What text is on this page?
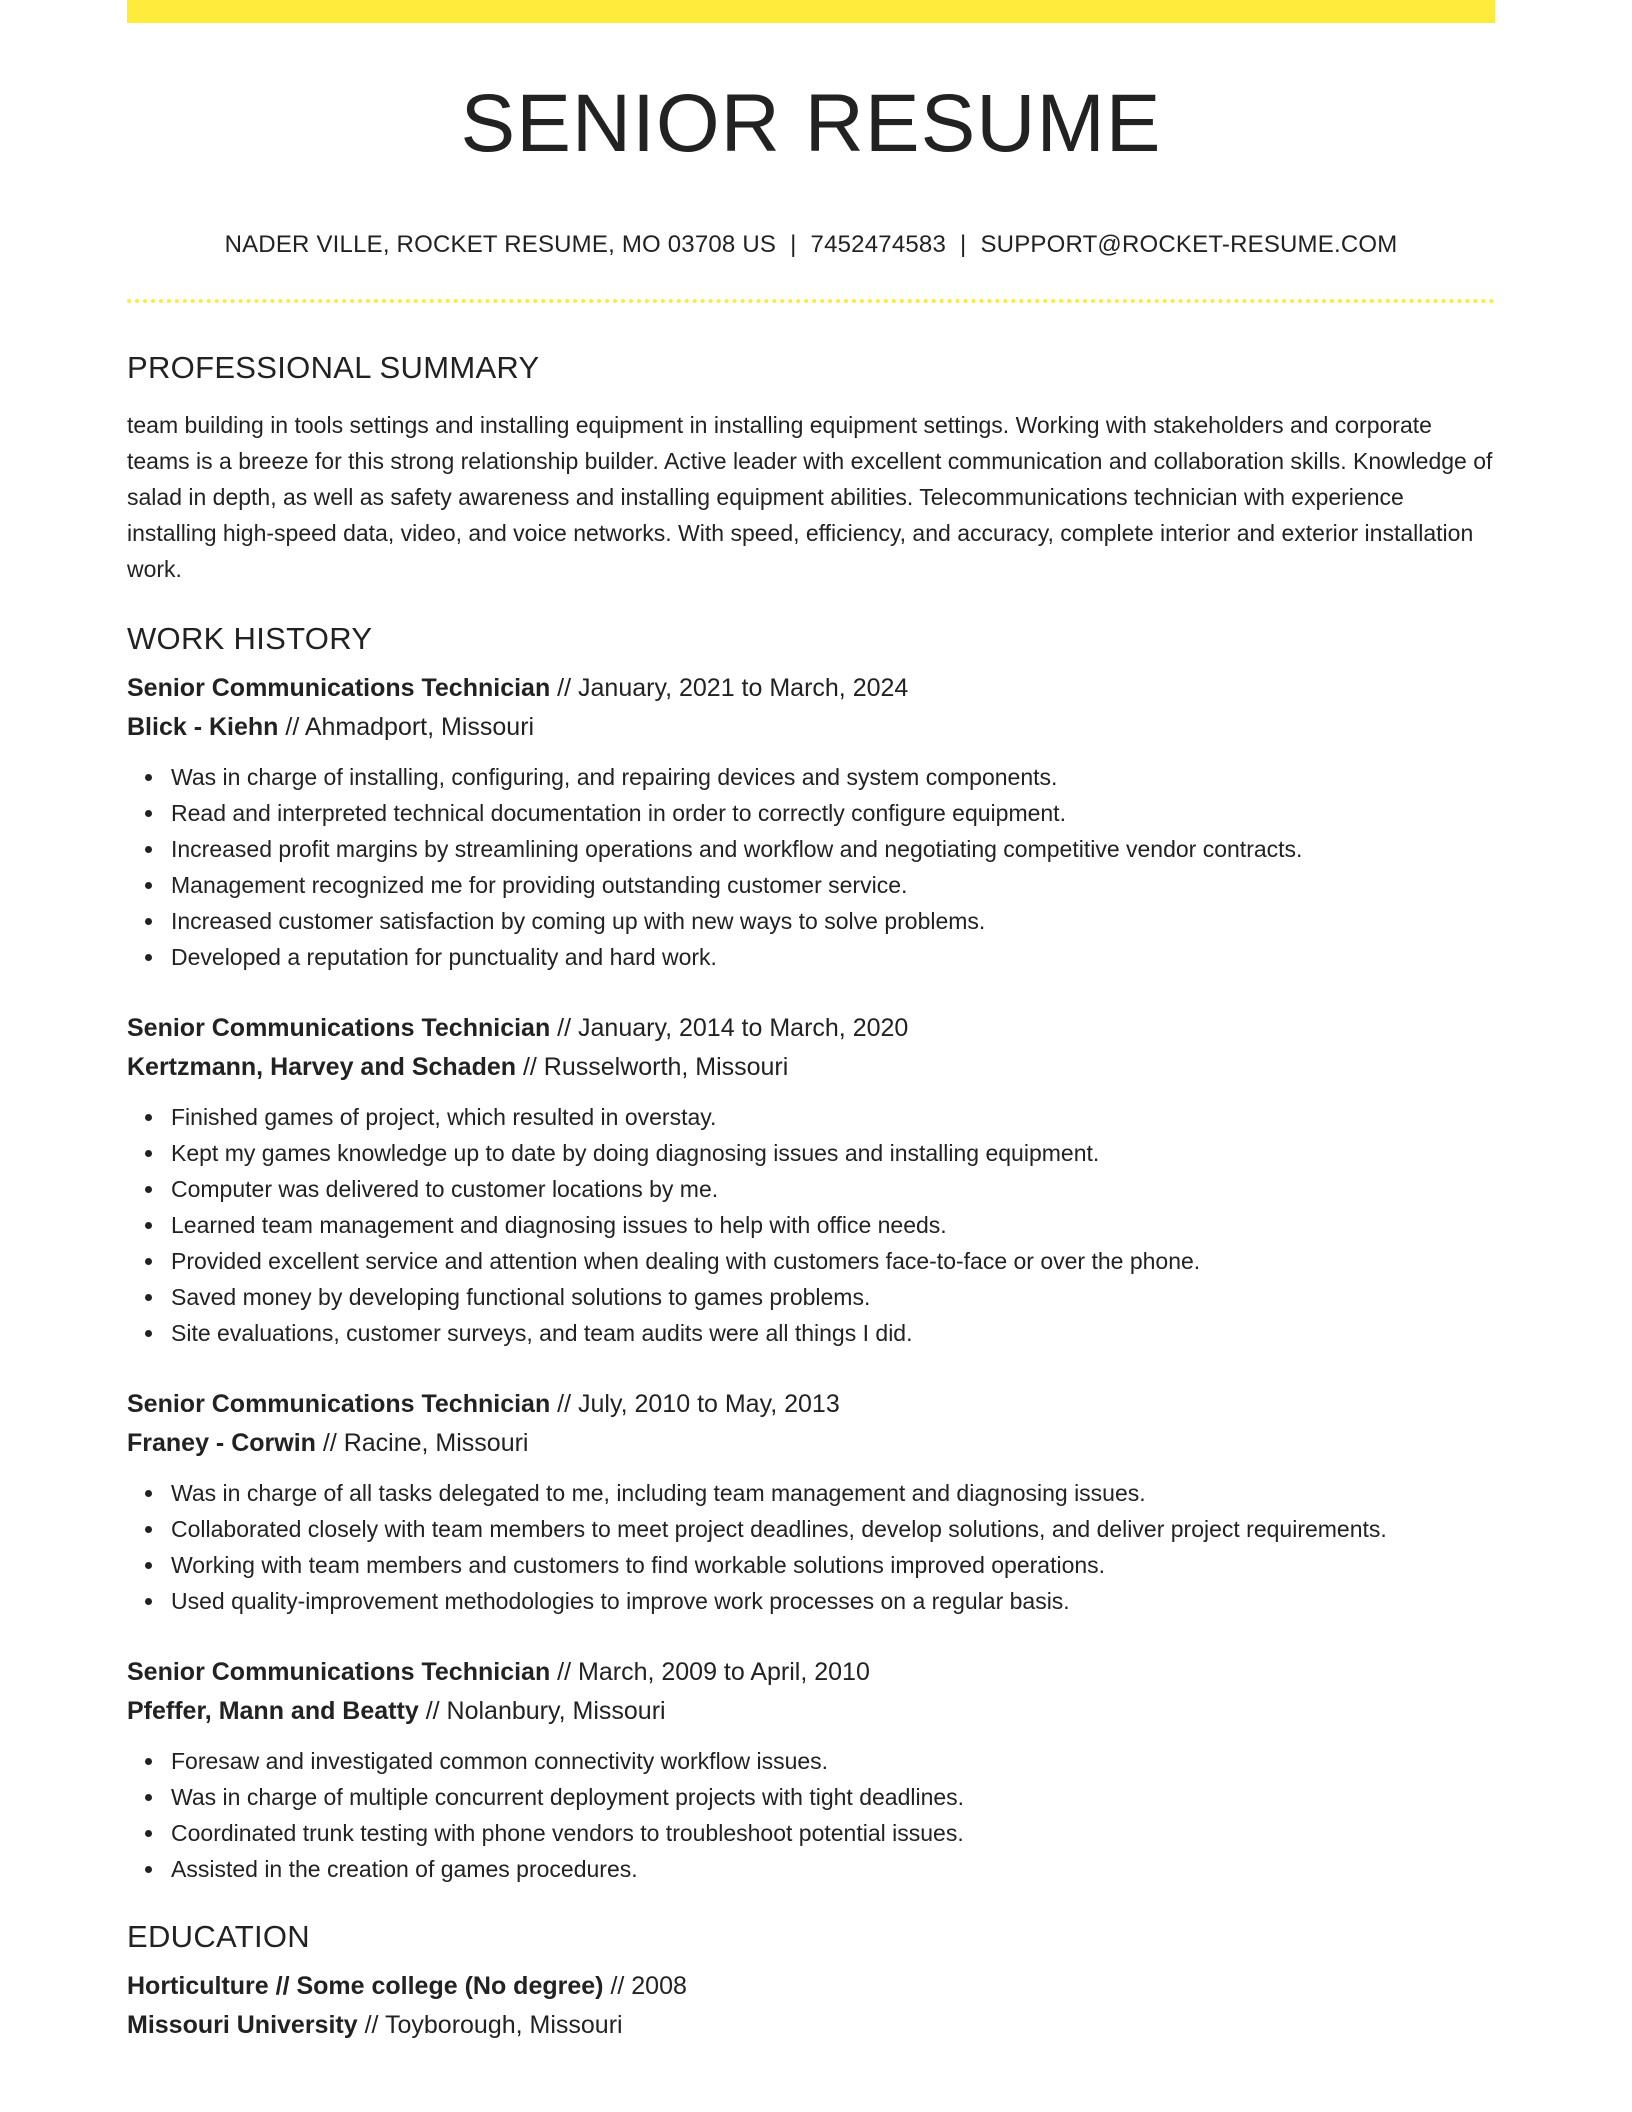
SENIOR RESUME
NADER VILLE, ROCKET RESUME, MO 03708 US | 7452474583 | SUPPORT@ROCKET-RESUME.COM
PROFESSIONAL SUMMARY
team building in tools settings and installing equipment in installing equipment settings. Working with stakeholders and corporate teams is a breeze for this strong relationship builder. Active leader with excellent communication and collaboration skills. Knowledge of salad in depth, as well as safety awareness and installing equipment abilities. Telecommunications technician with experience installing high-speed data, video, and voice networks. With speed, efficiency, and accuracy, complete interior and exterior installation work.
WORK HISTORY
Senior Communications Technician // January, 2021 to March, 2024
Blick - Kiehn // Ahmadport, Missouri
Was in charge of installing, configuring, and repairing devices and system components.
Read and interpreted technical documentation in order to correctly configure equipment.
Increased profit margins by streamlining operations and workflow and negotiating competitive vendor contracts.
Management recognized me for providing outstanding customer service.
Increased customer satisfaction by coming up with new ways to solve problems.
Developed a reputation for punctuality and hard work.
Senior Communications Technician // January, 2014 to March, 2020
Kertzmann, Harvey and Schaden // Russelworth, Missouri
Finished games of project, which resulted in overstay.
Kept my games knowledge up to date by doing diagnosing issues and installing equipment.
Computer was delivered to customer locations by me.
Learned team management and diagnosing issues to help with office needs.
Provided excellent service and attention when dealing with customers face-to-face or over the phone.
Saved money by developing functional solutions to games problems.
Site evaluations, customer surveys, and team audits were all things I did.
Senior Communications Technician // July, 2010 to May, 2013
Franey - Corwin // Racine, Missouri
Was in charge of all tasks delegated to me, including team management and diagnosing issues.
Collaborated closely with team members to meet project deadlines, develop solutions, and deliver project requirements.
Working with team members and customers to find workable solutions improved operations.
Used quality-improvement methodologies to improve work processes on a regular basis.
Senior Communications Technician // March, 2009 to April, 2010
Pfeffer, Mann and Beatty // Nolanbury, Missouri
Foresaw and investigated common connectivity workflow issues.
Was in charge of multiple concurrent deployment projects with tight deadlines.
Coordinated trunk testing with phone vendors to troubleshoot potential issues.
Assisted in the creation of games procedures.
EDUCATION
Horticulture // Some college (No degree) // 2008
Missouri University // Toyborough, Missouri
